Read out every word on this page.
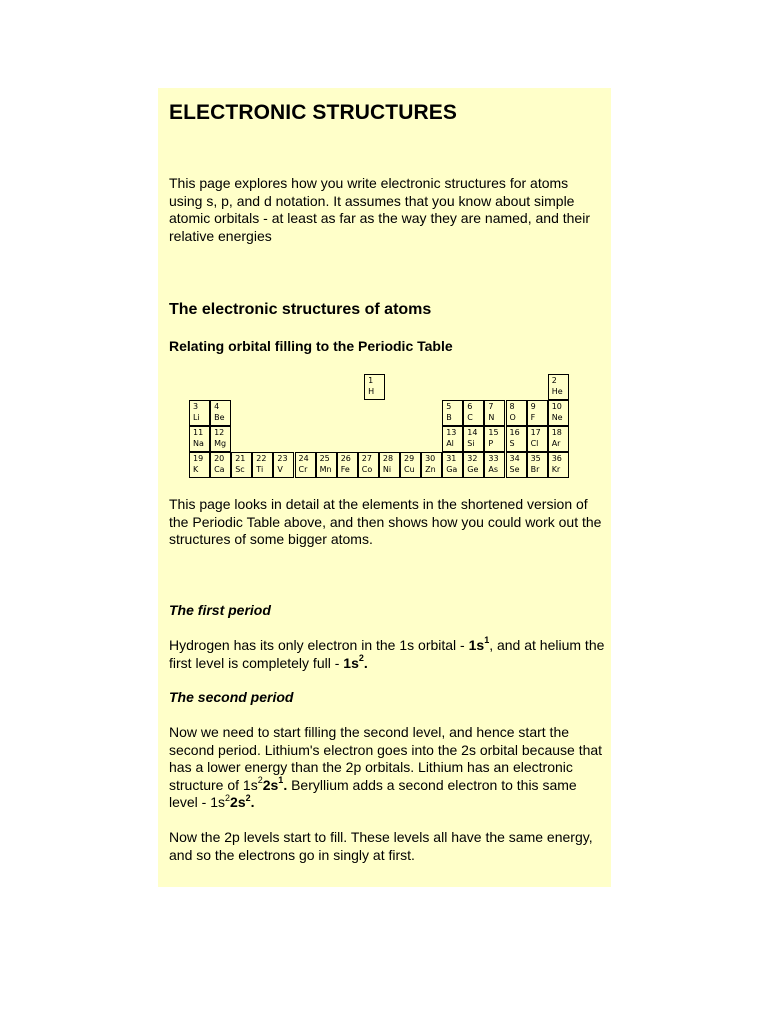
ELECTRONIC STRUCTURES

This page explores how you write electronic structures for atoms using s, p, and d notation. It assumes that you know about simple atomic orbitals - at least as far as the way they are named, and their relative energies

The electronic structures of atoms
Relating orbital filling to the Periodic Table
1
H
2
He
3
Li
4
Be
5
B
6
C
7
N
8
O
9
F
10
Ne
11
Na
12
Mg
13
Al
14
Si
15
P
16
S
17
Cl
18
Ar
19
K
20
Ca
21
Sc
22
Ti
23
V
24
Cr
25
Mn
26
Fe
27
Co
28
Ni
29
Cu
30
Zn
31
Ga
32
Ge
33
As
34
Se
35
Br
36
Kr

This page looks in detail at the elements in the shortened version of the Periodic Table above, and then shows how you could work out the structures of some bigger atoms.

The first period

Hydrogen has its only electron in the 1s orbital - $1s^1$, and at helium the first level is completely full - $1s^2$.

The second period

Now we need to start filling the second level, and hence start the second period. Lithium's electron goes into the 2s orbital because that has a lower energy than the 2p orbitals. Lithium has an electronic structure of $1s^22s^1$. Beryllium adds a second electron to this same level - $1s^22s^2$.

Now the 2p levels start to fill. These levels all have the same energy, and so the electrons go in singly at first.
